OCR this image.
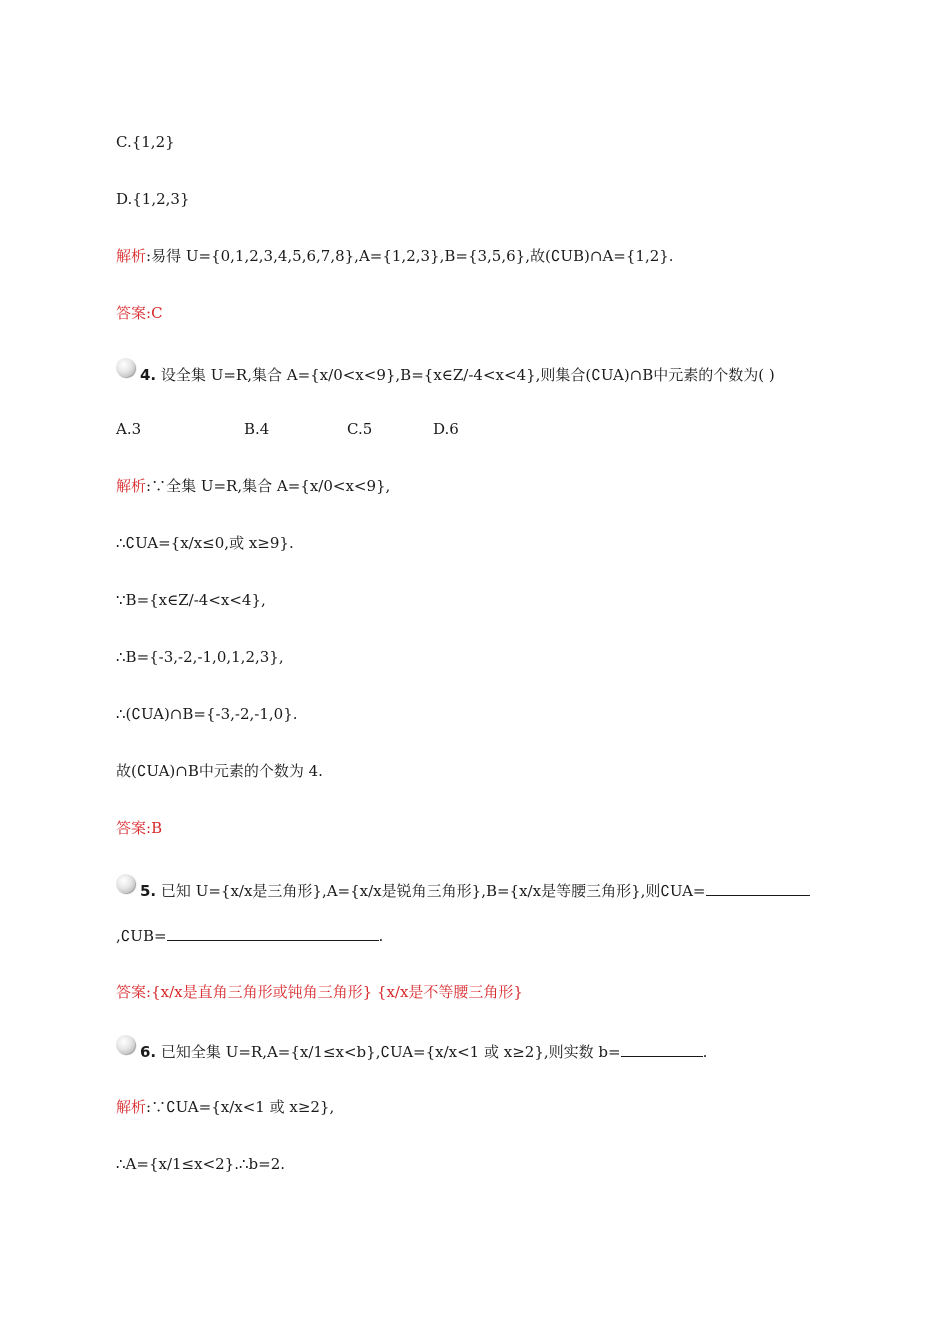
C.{1,2}
D.{1,2,3}
解析:易得 U={0,1,2,3,4,5,6,7,8},A={1,2,3},B={3,5,6},故(∁UB)∩A={1,2}.
答案:C
4. 设全集 U=R,集合 A={x/0<x<9},B={x∈Z/-4<x<4},则集合(∁UA)∩B中元素的个数为( )
A.3	B.4	C.5	D.6
解析:∵全集 U=R,集合 A={x/0<x<9},
∴∁UA={x/x≤0,或 x≥9}.
∵B={x∈Z/-4<x<4},
∴B={-3,-2,-1,0,1,2,3},
∴(∁UA)∩B={-3,-2,-1,0}.
故(∁UA)∩B中元素的个数为 4.
答案:B
5. 已知 U={x/x是三角形},A={x/x是锐角三角形},B={x/x是等腰三角形},则∁UA=
,∁UB=	.
答案:{x/x是直角三角形或钝角三角形} {x/x是不等腰三角形}
6. 已知全集 U=R,A={x/1≤x<b},∁UA={x/x<1 或 x≥2},则实数 b=	.
解析:∵∁UA={x/x<1 或 x≥2},
∴A={x/1≤x<2}.∴b=2.
